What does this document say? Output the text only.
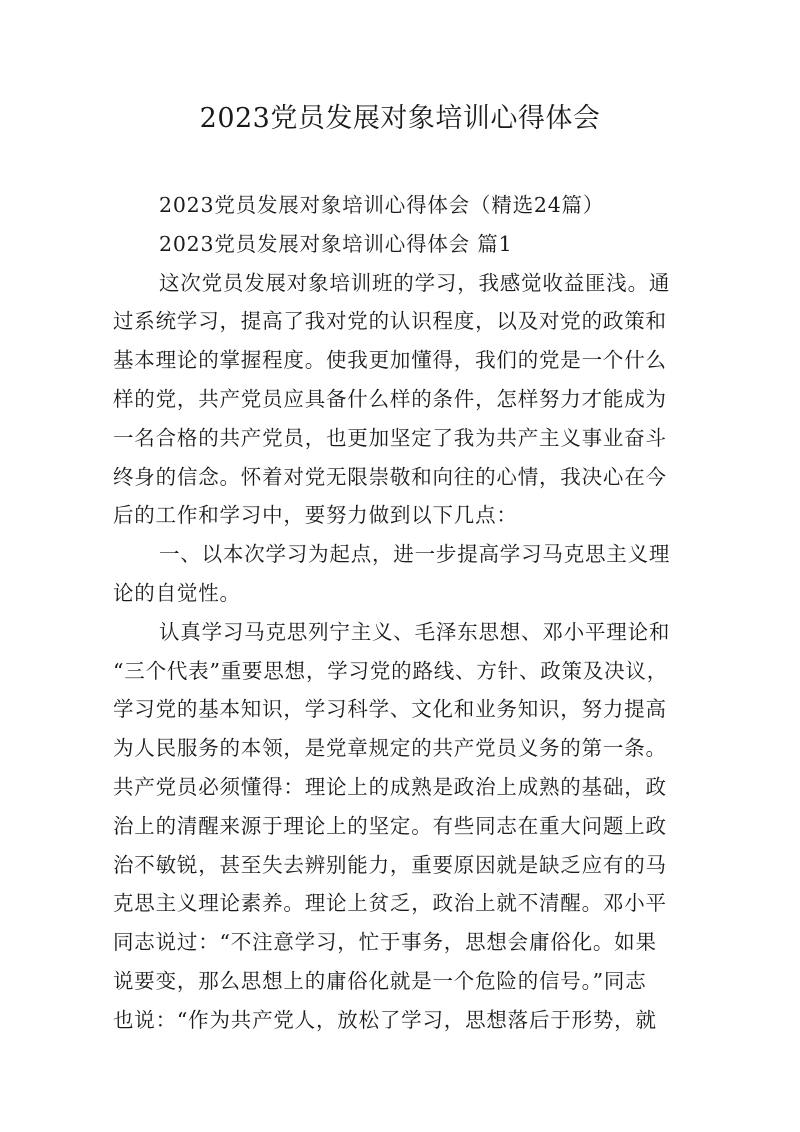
2023党员发展对象培训心得体会
2023党员发展对象培训心得体会（精选24篇）
2023党员发展对象培训心得体会 篇1
这次党员发展对象培训班的学习，我感觉收益匪浅。通
过系统学习，提高了我对党的认识程度，以及对党的政策和
基本理论的掌握程度。使我更加懂得，我们的党是一个什么
样的党，共产党员应具备什么样的条件，怎样努力才能成为
一名合格的共产党员，也更加坚定了我为共产主义事业奋斗
终身的信念。怀着对党无限崇敬和向往的心情，我决心在今
后的工作和学习中，要努力做到以下几点：
一、以本次学习为起点，进一步提高学习马克思主义理
论的自觉性。
认真学习马克思列宁主义、毛泽东思想、邓小平理论和
“三个代表”重要思想，学习党的路线、方针、政策及决议，
学习党的基本知识，学习科学、文化和业务知识，努力提高
为人民服务的本领，是党章规定的共产党员义务的第一条。
共产党员必须懂得：理论上的成熟是政治上成熟的基础，政
治上的清醒来源于理论上的坚定。有些同志在重大问题上政
治不敏锐，甚至失去辨别能力，重要原因就是缺乏应有的马
克思主义理论素养。理论上贫乏，政治上就不清醒。邓小平
同志说过：“不注意学习，忙于事务，思想会庸俗化。如果
说要变，那么思想上的庸俗化就是一个危险的信号。”同志
也说：“作为共产党人，放松了学习，思想落后于形势，就
